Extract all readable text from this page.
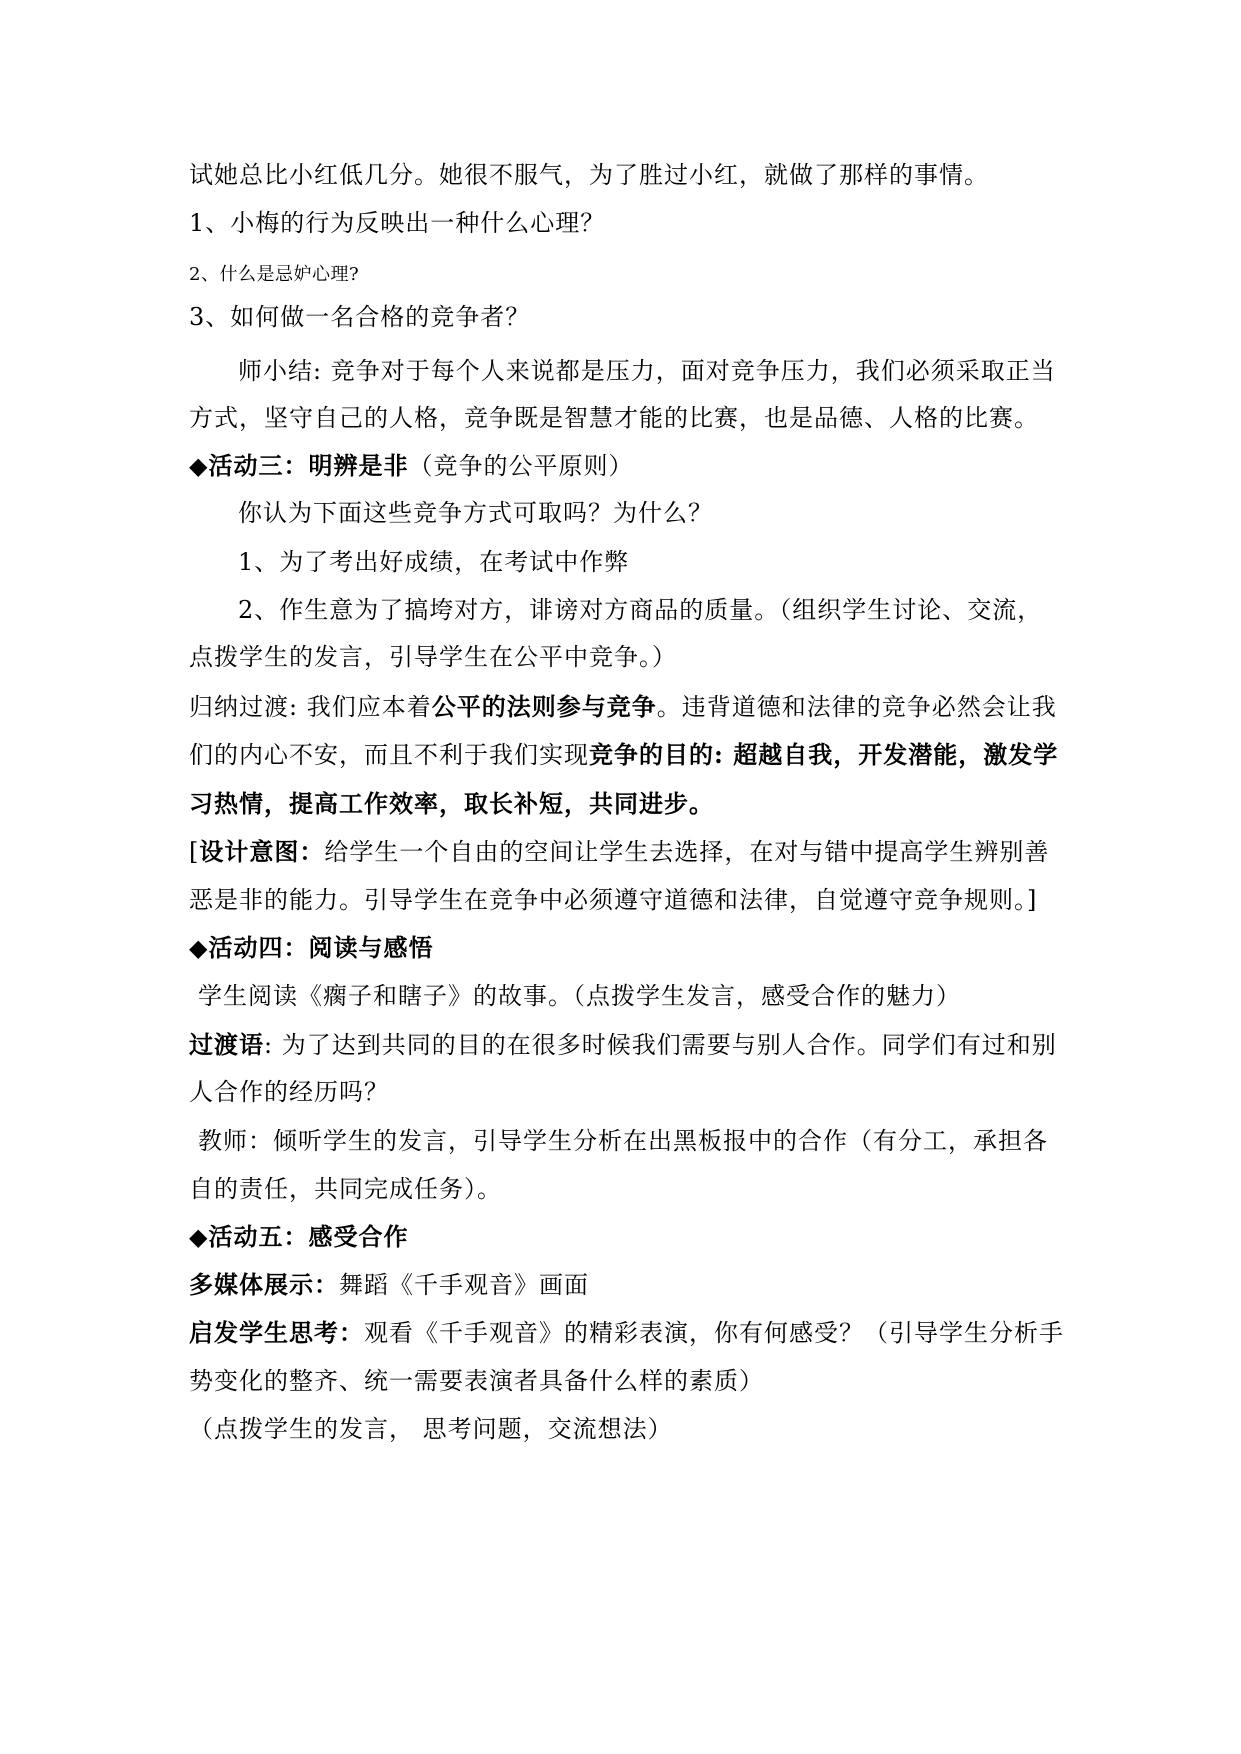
试她总比小红低几分。她很不服气，为了胜过小红，就做了那样的事情。
1、小梅的行为反映出一种什么心理？
2、什么是忌妒心理?
3、如何做一名合格的竞争者？
师小结: 竞争对于每个人来说都是压力，面对竞争压力，我们必须采取正当
方式，坚守自己的人格，竞争既是智慧才能的比赛，也是品德、人格的比赛。
◆活动三：明辨是非（竞争的公平原则）
你认为下面这些竞争方式可取吗？为什么？
1、为了考出好成绩，在考试中作弊
2、作生意为了搞垮对方，诽谤对方商品的质量。（组织学生讨论、交流，
点拨学生的发言，引导学生在公平中竞争。）
归纳过渡: 我们应本着公平的法则参与竞争。违背道德和法律的竞争必然会让我
们的内心不安，而且不利于我们实现竞争的目的: 超越自我，开发潜能，激发学
习热情，提高工作效率，取长补短，共同进步。
[设计意图：给学生一个自由的空间让学生去选择，在对与错中提高学生辨别善
恶是非的能力。引导学生在竞争中必须遵守道德和法律，自觉遵守竞争规则。]
◆活动四：阅读与感悟
学生阅读《瘸子和瞎子》的故事。（点拨学生发言，感受合作的魅力）
过渡语: 为了达到共同的目的在很多时候我们需要与别人合作。同学们有过和别
人合作的经历吗？
教师：倾听学生的发言，引导学生分析在出黑板报中的合作（有分工，承担各
自的责任，共同完成任务）。
◆活动五：感受合作
多媒体展示：舞蹈《千手观音》画面
启发学生思考：观看《千手观音》的精彩表演，你有何感受？（引导学生分析手
势变化的整齐、统一需要表演者具备什么样的素质）
（点拨学生的发言， 思考问题，交流想法）
